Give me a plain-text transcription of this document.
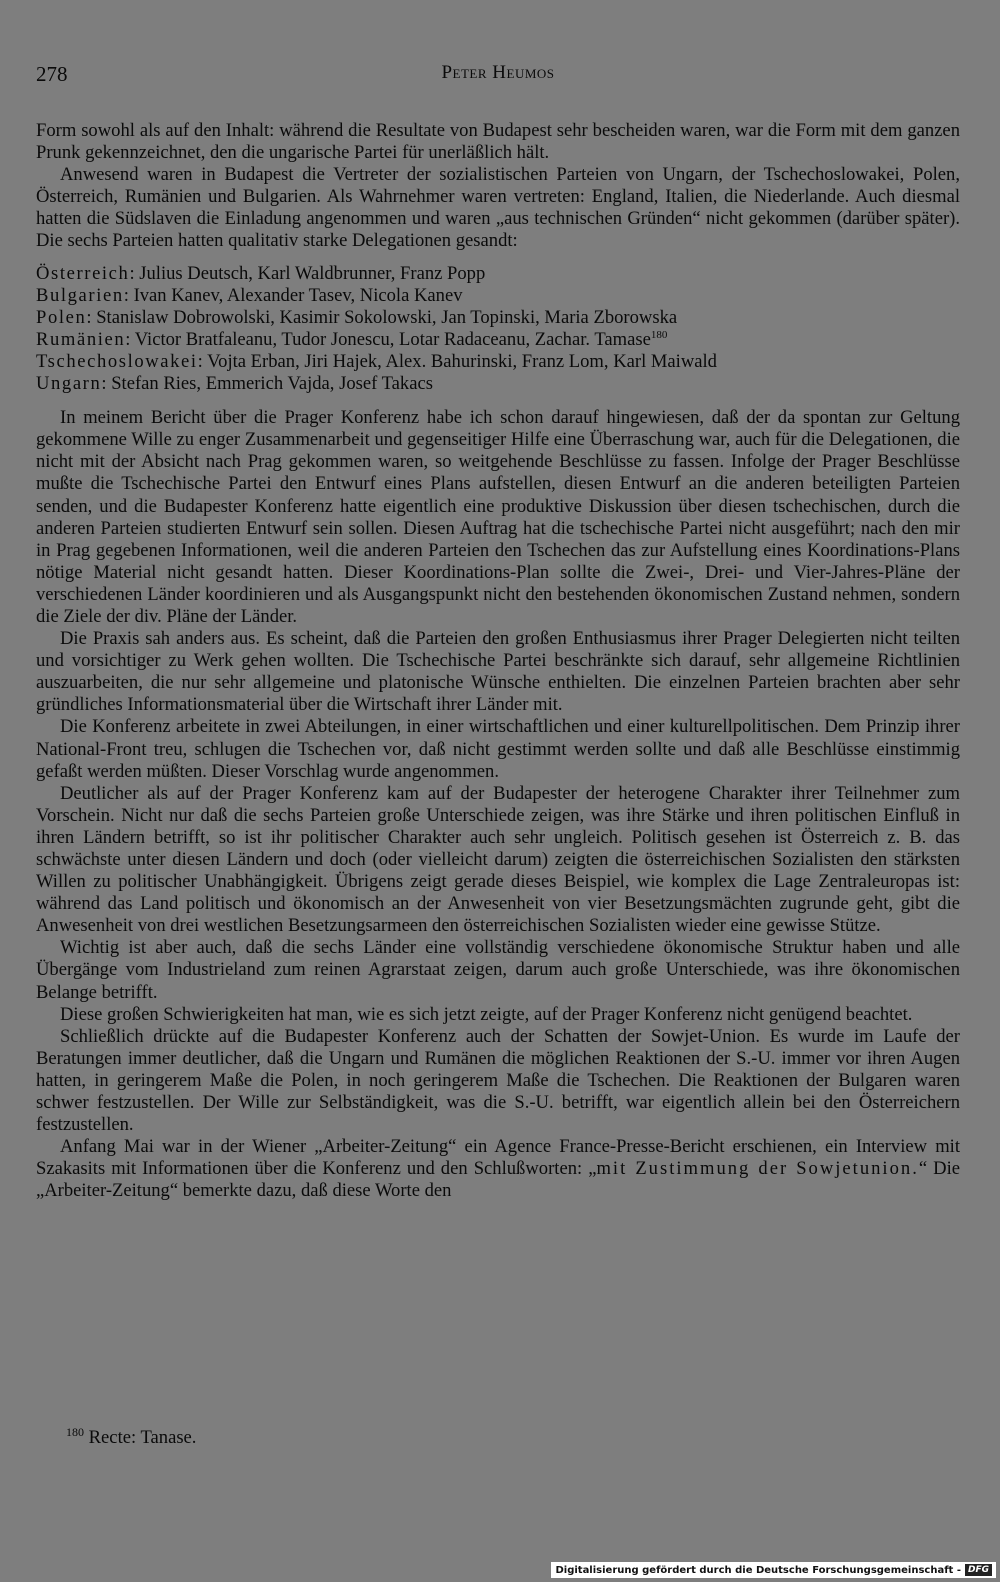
278	Peter Heumos

Form sowohl als auf den Inhalt: während die Resultate von Budapest sehr bescheiden waren, war die Form mit dem ganzen Prunk gekennzeichnet, den die ungarische Partei für unerläßlich hält.

Anwesend waren in Budapest die Vertreter der sozialistischen Parteien von Ungarn, der Tschechoslowakei, Polen, Österreich, Rumänien und Bulgarien. Als Wahrnehmer waren vertreten: England, Italien, die Niederlande. Auch diesmal hatten die Südslaven die Einladung angenommen und waren „aus technischen Gründen“ nicht gekommen (darüber später). Die sechs Parteien hatten qualitativ starke Delegationen gesandt:

Österreich: Julius Deutsch, Karl Waldbrunner, Franz Popp
Bulgarien: Ivan Kanev, Alexander Tasev, Nicola Kanev
Polen: Stanislaw Dobrowolski, Kasimir Sokolowski, Jan Topinski, Maria Zborowska
Rumänien: Victor Bratfaleanu, Tudor Jonescu, Lotar Radaceanu, Zachar. Tamase$^{180}$
Tschechoslowakei: Vojta Erban, Jiri Hajek, Alex. Bahurinski, Franz Lom, Karl Maiwald
Ungarn: Stefan Ries, Emmerich Vajda, Josef Takacs

In meinem Bericht über die Prager Konferenz habe ich schon darauf hingewiesen, daß der da spontan zur Geltung gekommene Wille zu enger Zusammenarbeit und gegenseitiger Hilfe eine Überraschung war, auch für die Delegationen, die nicht mit der Absicht nach Prag gekommen waren, so weitgehende Beschlüsse zu fassen. Infolge der Prager Beschlüsse mußte die Tschechische Partei den Entwurf eines Plans aufstellen, diesen Entwurf an die anderen beteiligten Parteien senden, und die Budapester Konferenz hatte eigentlich eine produktive Diskussion über diesen tschechischen, durch die anderen Parteien studierten Entwurf sein sollen. Diesen Auftrag hat die tschechische Partei nicht ausgeführt; nach den mir in Prag gegebenen Informationen, weil die anderen Parteien den Tschechen das zur Aufstellung eines Koordinations-Plans nötige Material nicht gesandt hatten. Dieser Koordinations-Plan sollte die Zwei-, Drei- und Vier-Jahres-Pläne der verschiedenen Länder koordinieren und als Ausgangspunkt nicht den bestehenden ökonomischen Zustand nehmen, sondern die Ziele der div. Pläne der Länder.

Die Praxis sah anders aus. Es scheint, daß die Parteien den großen Enthusiasmus ihrer Prager Delegierten nicht teilten und vorsichtiger zu Werk gehen wollten. Die Tschechische Partei beschränkte sich darauf, sehr allgemeine Richtlinien auszuarbeiten, die nur sehr allgemeine und platonische Wünsche enthielten. Die einzelnen Parteien brachten aber sehr gründliches Informationsmaterial über die Wirtschaft ihrer Länder mit.

Die Konferenz arbeitete in zwei Abteilungen, in einer wirtschaftlichen und einer kulturellpolitischen. Dem Prinzip ihrer National-Front treu, schlugen die Tschechen vor, daß nicht gestimmt werden sollte und daß alle Beschlüsse einstimmig gefaßt werden müßten. Dieser Vorschlag wurde angenommen.

Deutlicher als auf der Prager Konferenz kam auf der Budapester der heterogene Charakter ihrer Teilnehmer zum Vorschein. Nicht nur daß die sechs Parteien große Unterschiede zeigen, was ihre Stärke und ihren politischen Einfluß in ihren Ländern betrifft, so ist ihr politischer Charakter auch sehr ungleich. Politisch gesehen ist Österreich z. B. das schwächste unter diesen Ländern und doch (oder vielleicht darum) zeigten die österreichischen Sozialisten den stärksten Willen zu politischer Unabhängigkeit. Übrigens zeigt gerade dieses Beispiel, wie komplex die Lage Zentraleuropas ist: während das Land politisch und ökonomisch an der Anwesenheit von vier Besetzungsmächten zugrunde geht, gibt die Anwesenheit von drei westlichen Besetzungsarmeen den österreichischen Sozialisten wieder eine gewisse Stütze.

Wichtig ist aber auch, daß die sechs Länder eine vollständig verschiedene ökonomische Struktur haben und alle Übergänge vom Industrieland zum reinen Agrarstaat zeigen, darum auch große Unterschiede, was ihre ökonomischen Belange betrifft.

Diese großen Schwierigkeiten hat man, wie es sich jetzt zeigte, auf der Prager Konferenz nicht genügend beachtet.

Schließlich drückte auf die Budapester Konferenz auch der Schatten der Sowjet-Union. Es wurde im Laufe der Beratungen immer deutlicher, daß die Ungarn und Rumänen die möglichen Reaktionen der S.-U. immer vor ihren Augen hatten, in geringerem Maße die Polen, in noch geringerem Maße die Tschechen. Die Reaktionen der Bulgaren waren schwer festzustellen. Der Wille zur Selbständigkeit, was die S.-U. betrifft, war eigentlich allein bei den Österreichern festzustellen.

Anfang Mai war in der Wiener „Arbeiter-Zeitung“ ein Agence France-Presse-Bericht erschienen, ein Interview mit Szakasits mit Informationen über die Konferenz und den Schlußworten: „mit Zustimmung der Sowjetunion.“ Die „Arbeiter-Zeitung“ bemerkte dazu, daß diese Worte den

$^{180}$ Recte: Tanase.
Digitalisierung gefördert durch die Deutsche Forschungsgemeinschaft - DFG
